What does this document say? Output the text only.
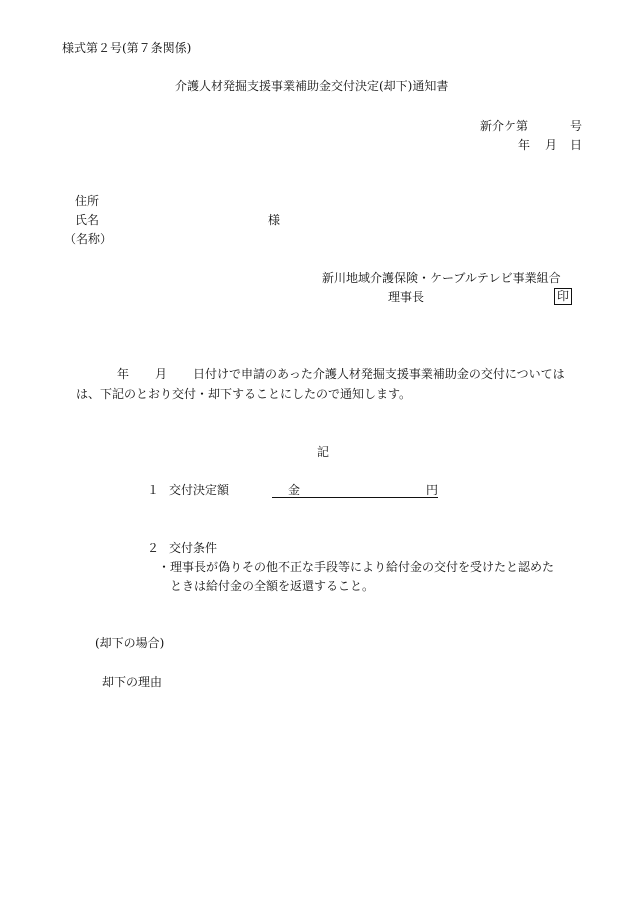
様式第２号(第７条関係)
介護人材発掘支援事業補助金交付決定(却下)通知書
新介ケ第	号
年 月 日
住所
氏名	様
（名称）
新川地域介護保険・ケーブルテレビ事業組合
理事長	印
年 月 日付けで申請のあった介護人材発掘支援事業補助金の交付については
は、下記のとおり交付・却下することにしたので通知します。
記
１ 交付決定額	金	円
２ 交付条件
・理事長が偽りその他不正な手段等により給付金の交付を受けたと認めた
ときは給付金の全額を返還すること。
(却下の場合)
却下の理由
